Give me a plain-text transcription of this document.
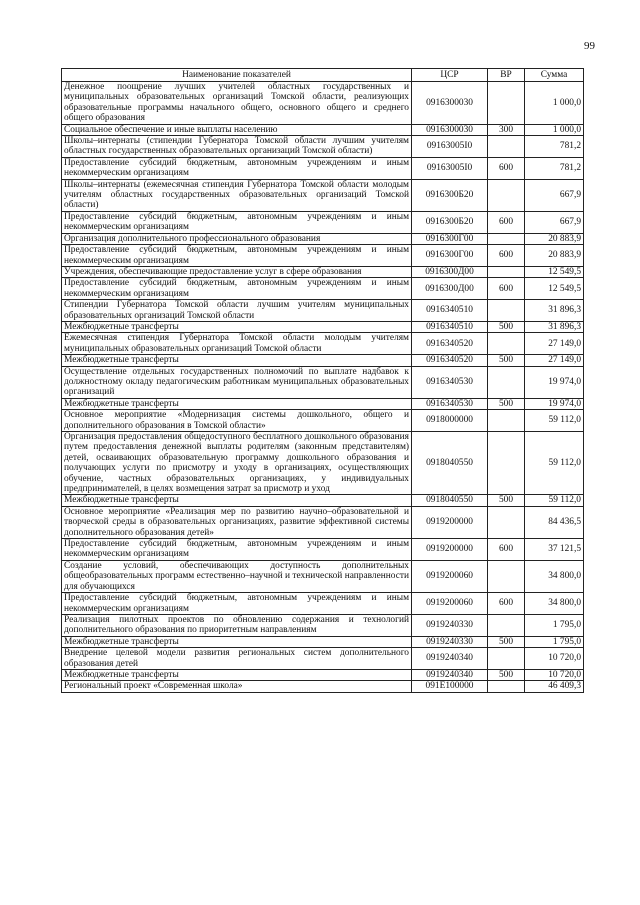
99
Наименование показателей	ЦСР	ВР	Сумма
Денежное поощрение лучших учителей областных государственных и муниципальных образовательных организаций Томской области, реализующих образовательные программы начального общего, основного общего и среднего общего образования	0916300030		1 000,0
Социальное обеспечение и иные выплаты населению	0916300030	300	1 000,0
Школы–интернаты (стипендии Губернатора Томской области лучшим учителям областных государственных образовательных организаций Томской области)	09163005I0		781,2
Предоставление субсидий бюджетным, автономным учреждениям и иным некоммерческим организациям	09163005I0	600	781,2
Школы–интернаты (ежемесячная стипендия Губернатора Томской области молодым учителям областных государственных образовательных организаций Томской области)	0916300Б20		667,9
Предоставление субсидий бюджетным, автономным учреждениям и иным некоммерческим организациям	0916300Б20	600	667,9
Организация дополнительного профессионального образования	0916300Г00		20 883,9
Предоставление субсидий бюджетным, автономным учреждениям и иным некоммерческим организациям	0916300Г00	600	20 883,9
Учреждения, обеспечивающие предоставление услуг в сфере образования	0916300Д00		12 549,5
Предоставление субсидий бюджетным, автономным учреждениям и иным некоммерческим организациям	0916300Д00	600	12 549,5
Стипендии Губернатора Томской области лучшим учителям муниципальных образовательных организаций Томской области	0916340510		31 896,3
Межбюджетные трансферты	0916340510	500	31 896,3
Ежемесячная стипендия Губернатора Томской области молодым учителям муниципальных образовательных организаций Томской области	0916340520		27 149,0
Межбюджетные трансферты	0916340520	500	27 149,0
Осуществление отдельных государственных полномочий по выплате надбавок к должностному окладу педагогическим работникам муниципальных образовательных организаций	0916340530		19 974,0
Межбюджетные трансферты	0916340530	500	19 974,0
Основное мероприятие «Модернизация системы дошкольного, общего и дополнительного образования в Томской области»	0918000000		59 112,0
Организация предоставления общедоступного бесплатного дошкольного образования путем предоставления денежной выплаты родителям (законным представителям) детей, осваивающих образовательную программу дошкольного образования и получающих услуги по присмотру и уходу в организациях, осуществляющих обучение, частных образовательных организациях, у индивидуальных предпринимателей, в целях возмещения затрат за присмотр и уход	0918040550		59 112,0
Межбюджетные трансферты	0918040550	500	59 112,0
Основное мероприятие «Реализация мер по развитию научно–образовательной и творческой среды в образовательных организациях, развитие эффективной системы дополнительного образования детей»	0919200000		84 436,5
Предоставление субсидий бюджетным, автономным учреждениям и иным некоммерческим организациям	0919200000	600	37 121,5
Создание условий, обеспечивающих доступность дополнительных общеобразовательных программ естественно–научной и технической направленности для обучающихся	0919200060		34 800,0
Предоставление субсидий бюджетным, автономным учреждениям и иным некоммерческим организациям	0919200060	600	34 800,0
Реализация пилотных проектов по обновлению содержания и технологий дополнительного образования по приоритетным направлениям	0919240330		1 795,0
Межбюджетные трансферты	0919240330	500	1 795,0
Внедрение целевой модели развития региональных систем дополнительного образования детей	0919240340		10 720,0
Межбюджетные трансферты	0919240340	500	10 720,0
Региональный проект «Современная школа»	091E100000		46 409,3
